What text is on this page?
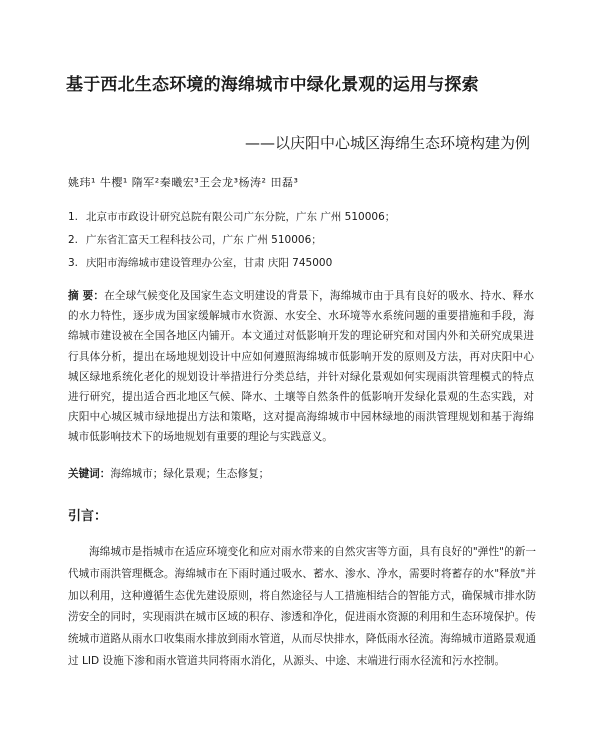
基于西北生态环境的海绵城市中绿化景观的运用与探索
——以庆阳中心城区海绵生态环境构建为例
姚玮¹ 牛樱¹ 隋军²秦曦宏³王会龙³杨涛² 田磊³
1. 北京市市政设计研究总院有限公司广东分院，广东 广州 510006；
2. 广东省汇富天工程科技公司，广东 广州 510006；
3. 庆阳市海绵城市建设管理办公室，甘肃 庆阳 745000
摘 要：在全球气候变化及国家生态文明建设的背景下，海绵城市由于具有良好的吸水、持水、释水的水力特性，逐步成为国家缓解城市水资源、水安全、水环境等水系统问题的重要措施和手段，海绵城市建设被在全国各地区内铺开。本文通过对低影响开发的理论研究和对国内外和关研究成果进行具体分析，提出在场地规划设计中应如何遵照海绵城市低影响开发的原则及方法，再对庆阳中心城区绿地系统化老化的规划设计举措进行分类总结，并针对绿化景观如何实现雨洪管理模式的特点进行研究，提出适合西北地区气候、降水、土壤等自然条件的低影响开发绿化景观的生态实践，对庆阳中心城区城市绿地提出方法和策略，这对提高海绵城市中园林绿地的雨洪管理规划和基于海绵城市低影响技术下的场地规划有重要的理论与实践意义。
关键词：海绵城市；绿化景观；生态修复；
引言：
海绵城市是指城市在适应环境变化和应对雨水带来的自然灾害等方面，具有良好的"弹性"的新一代城市雨洪管理概念。海绵城市在下雨时通过吸水、蓄水、渗水、净水，需要时将蓄存的水"释放"并加以利用，这种遵循生态优先建设原则，将自然途径与人工措施相结合的智能方式，确保城市排水防涝安全的同时，实现雨洪在城市区域的积存、渗透和净化，促进雨水资源的利用和生态环境保护。传统城市道路从雨水口收集雨水排放到雨水管道，从而尽快排水，降低雨水径流。海绵城市道路景观通过 LID 设施下渗和雨水管道共同将雨水消化，从源头、中途、末端进行雨水径流和污水控制。
